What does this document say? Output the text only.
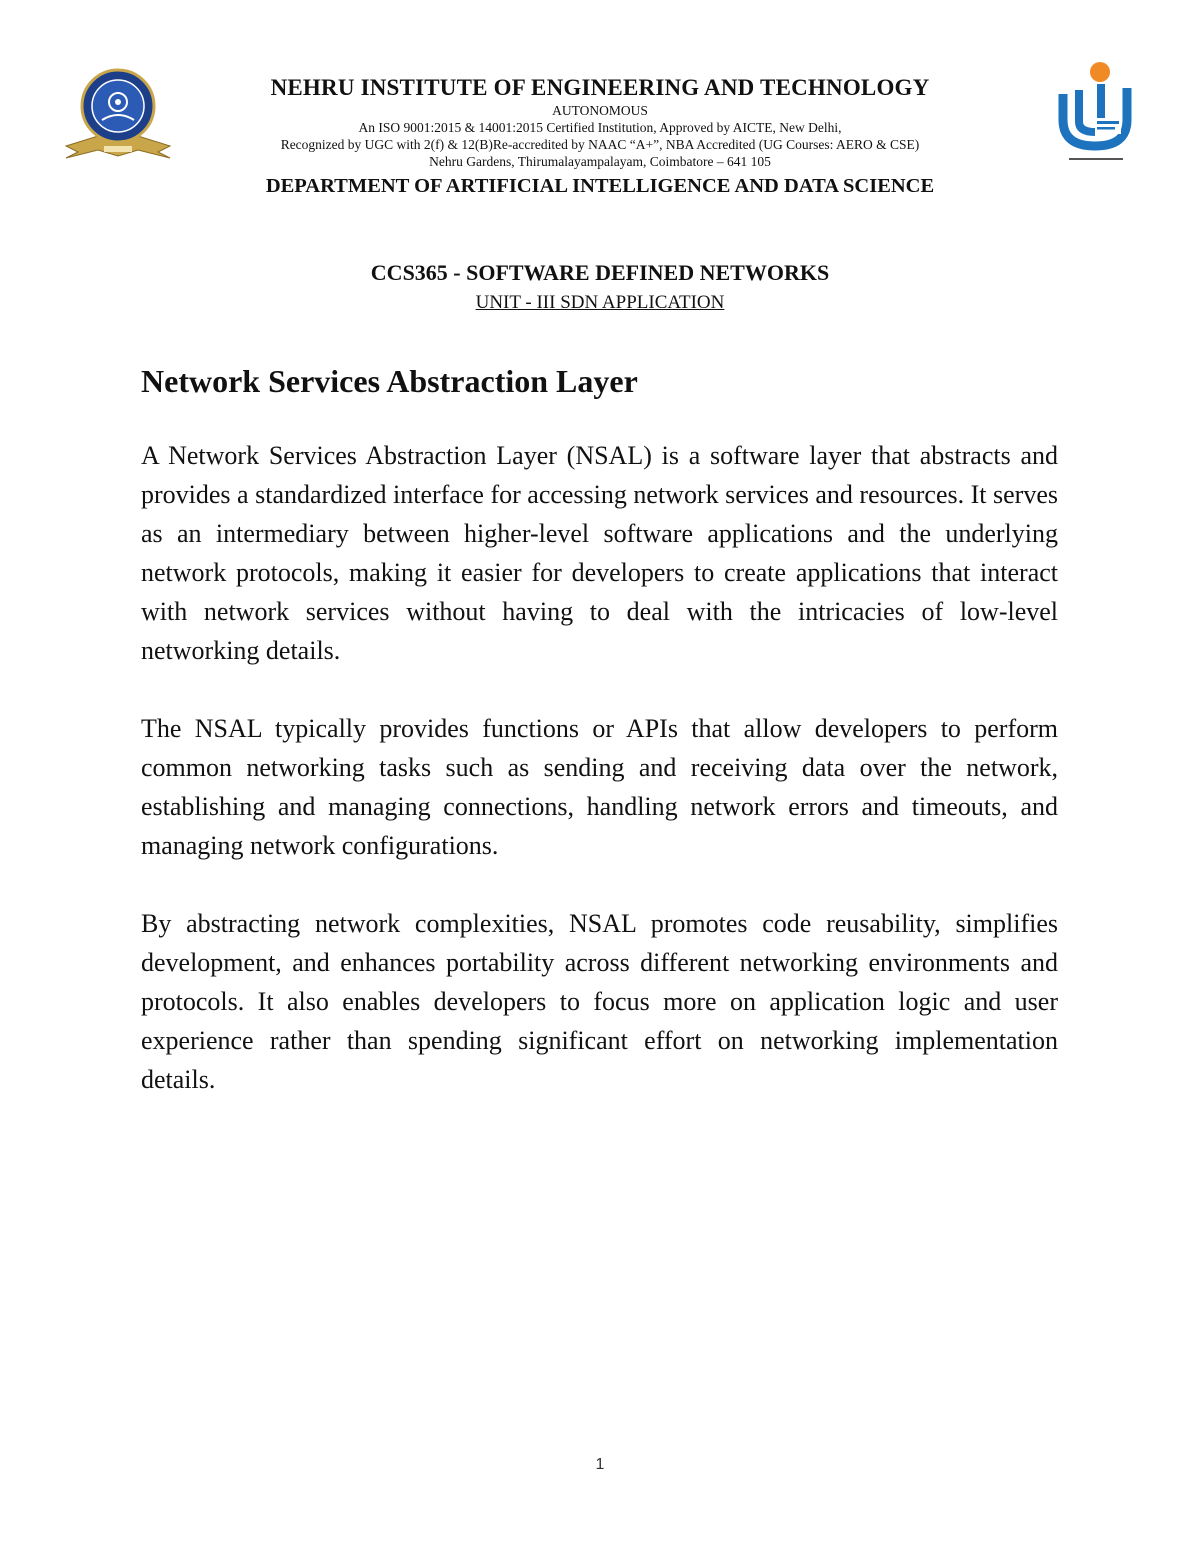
NEHRU INSTITUTE OF ENGINEERING AND TECHNOLOGY
AUTONOMOUS
An ISO 9001:2015 & 14001:2015 Certified Institution, Approved by AICTE, New Delhi,
Recognized by UGC with 2(f) & 12(B)Re-accredited by NAAC “A+”, NBA Accredited (UG Courses: AERO & CSE)
Nehru Gardens, Thirumalayampalayam, Coimbatore – 641 105
DEPARTMENT OF ARTIFICIAL INTELLIGENCE AND DATA SCIENCE
CCS365 - SOFTWARE DEFINED NETWORKS
UNIT - III SDN APPLICATION
Network Services Abstraction Layer

A Network Services Abstraction Layer (NSAL) is a software layer that abstracts and provides a standardized interface for accessing network services and resources. It serves as an intermediary between higher-level software applications and the underlying network protocols, making it easier for developers to create applications that interact with network services without having to deal with the intricacies of low-level networking details.

The NSAL typically provides functions or APIs that allow developers to perform common networking tasks such as sending and receiving data over the network, establishing and managing connections, handling network errors and timeouts, and managing network configurations.

By abstracting network complexities, NSAL promotes code reusability, simplifies development, and enhances portability across different networking environments and protocols. It also enables developers to focus more on application logic and user experience rather than spending significant effort on networking implementation details.

1
